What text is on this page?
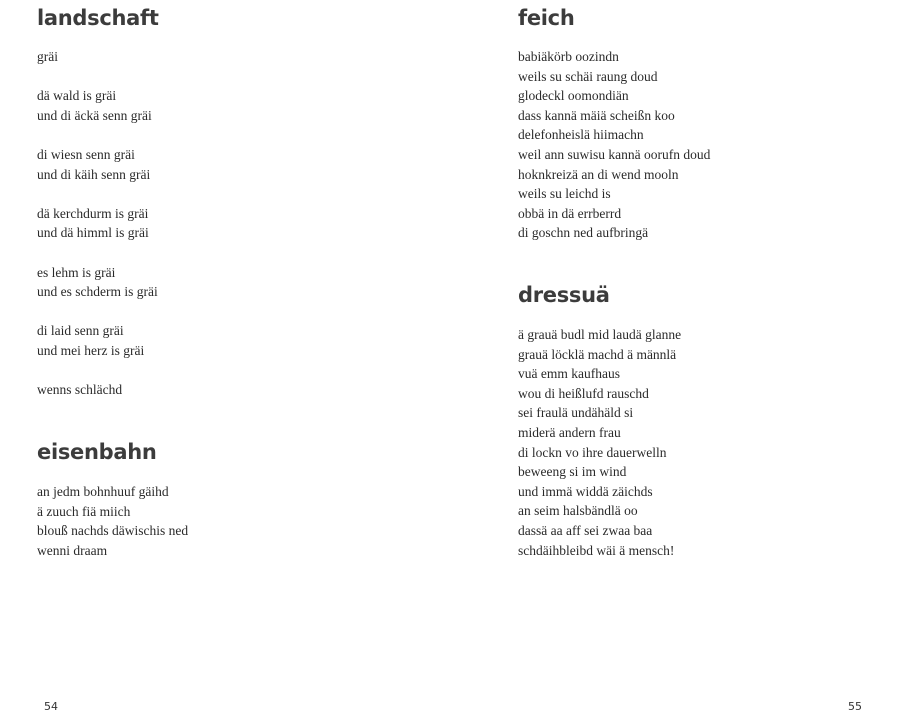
landschaft
gräi
dä wald is gräi
und di äckä senn gräi
di wiesn senn gräi
und di käih senn gräi
dä kerchdurm is gräi
und dä himml is gräi
es lehm is gräi
und es schderm is gräi
di laid senn gräi
und mei herz is gräi
wenns schlächd
eisenbahn
an jedm bohnhuuf gäihd
ä zuuch fiä miich
blouß nachds däwischis ned
wenni draam
54
feich
babiäkörb oozindn
weils su schäi raung doud
glodeckl oomondiän
dass kannä mäiä scheißn koo
delefonheislä hiimachn
weil ann suwisu kannä oorufn doud
hoknkreizä an di wend mooln
weils su leichd is
obbä in dä errberrd
di goschn ned aufbringä
dressuä
ä grauä budl mid laudä glanne
grauä löcklä machd ä männlä
vuä emm kaufhaus
wou di heißlufd rauschd
sei fraulä undähäld si
miderä andern frau
di lockn vo ihre dauerwelln
beweeng si im wind
und immä widdä zäichds
an seim halsbändlä oo
dassä aa aff sei zwaa baa
schdäihbleibd wäi ä mensch!
55
